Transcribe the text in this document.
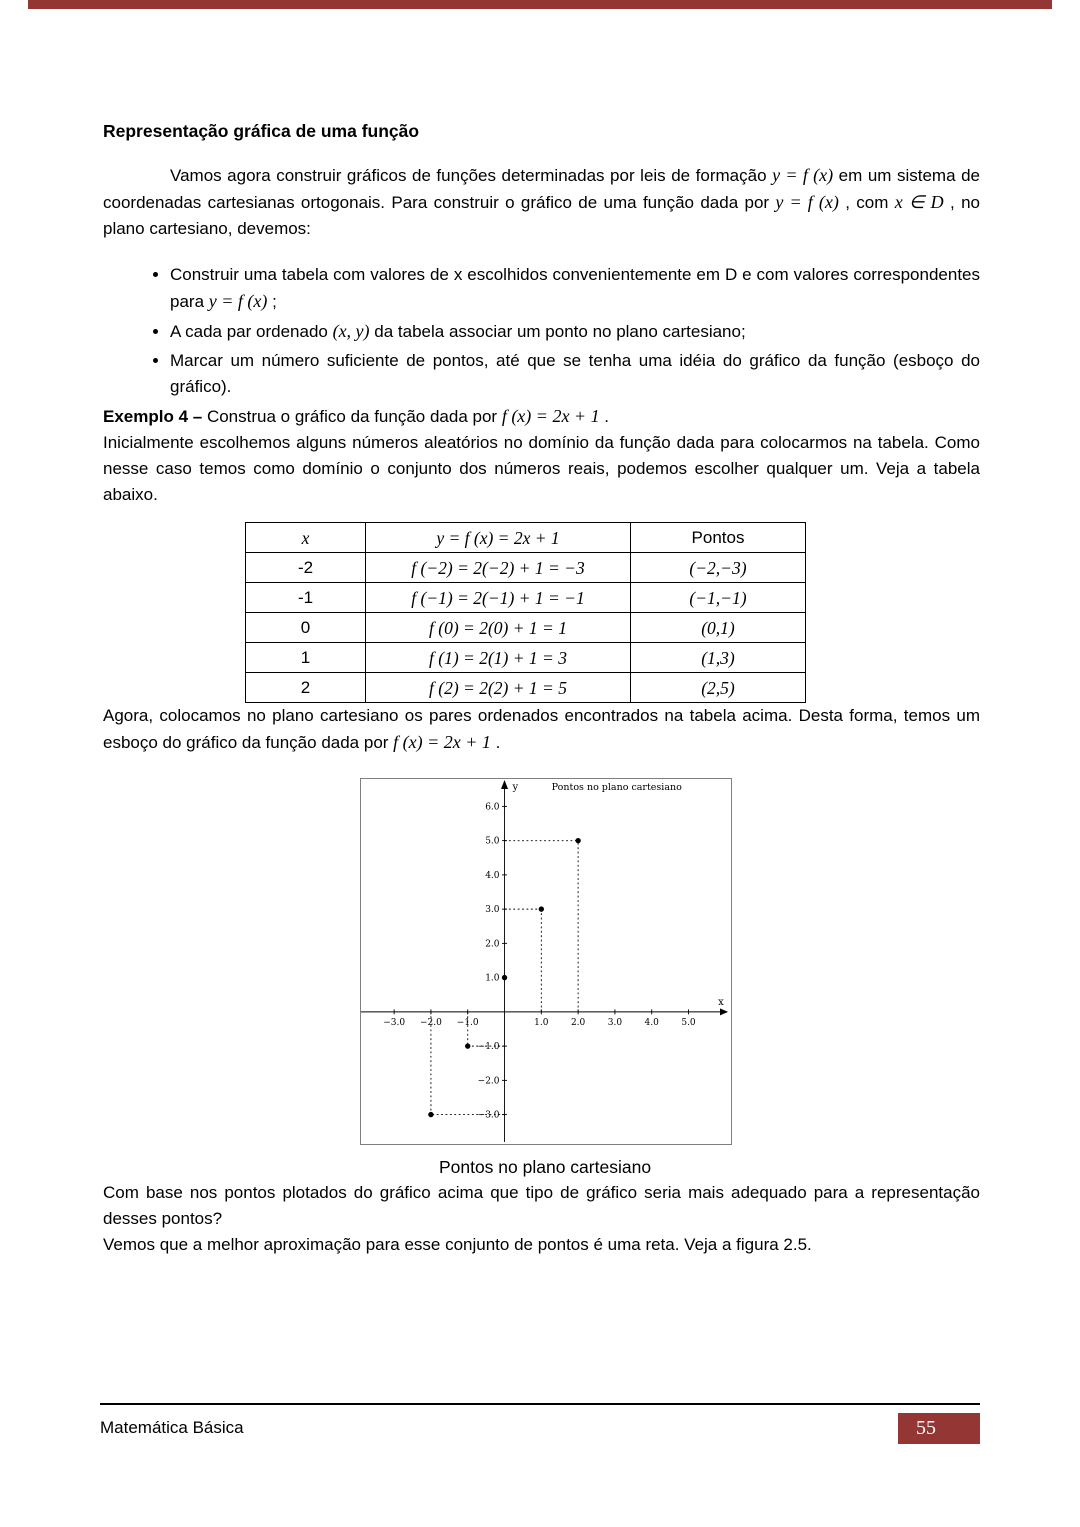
Representação gráfica de uma função

Vamos agora construir gráficos de funções determinadas por leis de formação y = f (x) em um sistema de coordenadas cartesianas ortogonais. Para construir o gráfico de uma função dada por y = f (x) , com x ∈ D , no plano cartesiano, devemos:

• Construir uma tabela com valores de x escolhidos convenientemente em D e com valores correspondentes para y = f (x) ;
• A cada par ordenado (x, y) da tabela associar um ponto no plano cartesiano;
• Marcar um número suficiente de pontos, até que se tenha uma idéia do gráfico da função (esboço do gráfico).

Exemplo 4 – Construa o gráfico da função dada por f (x) = 2x + 1 .

Inicialmente escolhemos alguns números aleatórios no domínio da função dada para colocarmos na tabela. Como nesse caso temos como domínio o conjunto dos números reais, podemos escolher qualquer um. Veja a tabela abaixo.

x	y = f (x) = 2x + 1	Pontos
-2	f (−2) = 2(−2) + 1 = −3	(−2,−3)
-1	f (−1) = 2(−1) + 1 = −1	(−1,−1)
0	f (0) = 2(0) + 1 = 1	(0,1)
1	f (1) = 2(1) + 1 = 3	(1,3)
2	f (2) = 2(2) + 1 = 5	(2,5)

Agora, colocamos no plano cartesiano os pares ordenados encontrados na tabela acima. Desta forma, temos um esboço do gráfico da função dada por f (x) = 2x + 1 .

−3.0 −2.0 −1.0	1.0 2.0 3.0 4.0 5.0
−3.0
−2.0
−1.0
1.0
2.0
3.0
4.0
5.0
6.0
y
x
Pontos no plano cartesiano
Pontos no plano cartesiano

Com base nos pontos plotados do gráfico acima que tipo de gráfico seria mais adequado para a representação desses pontos?

Vemos que a melhor aproximação para esse conjunto de pontos é uma reta. Veja a figura 2.5.

Matemática Básica	55
